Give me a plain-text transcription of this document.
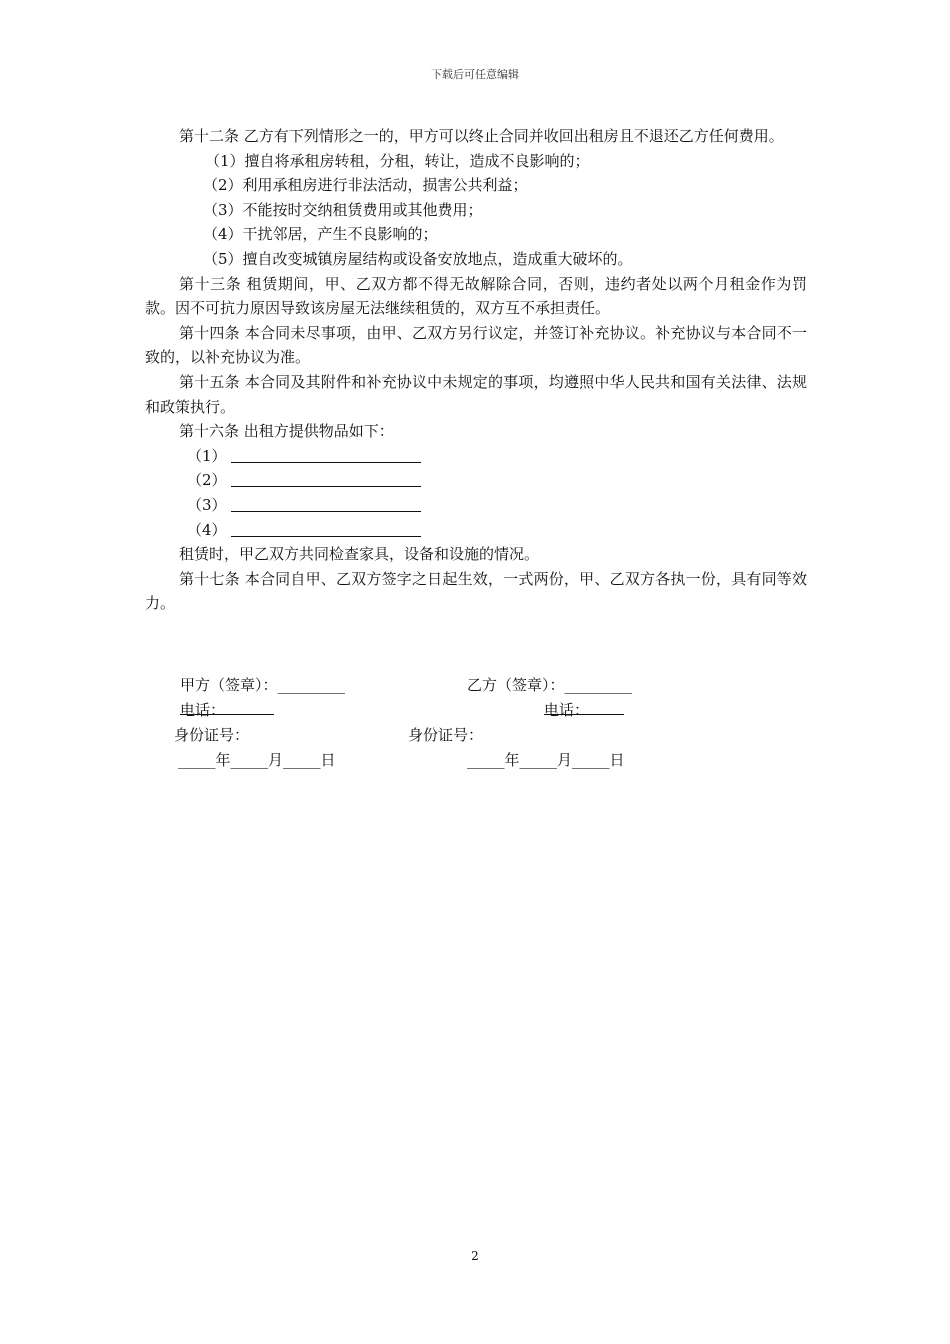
下载后可任意编辑

第十二条 乙方有下列情形之一的，甲方可以终止合同并收回出租房且不退还乙方任何费用。

（1）擅自将承租房转租，分租，转让，造成不良影响的；

（2）利用承租房进行非法活动，损害公共利益；

（3）不能按时交纳租赁费用或其他费用；

（4）干扰邻居，产生不良影响的；

（5）擅自改变城镇房屋结构或设备安放地点，造成重大破坏的。

第十三条 租赁期间，甲、乙双方都不得无故解除合同，否则，违约者处以两个月租金作为罚款。因不可抗力原因导致该房屋无法继续租赁的，双方互不承担责任。

第十四条 本合同未尽事项，由甲、乙双方另行议定，并签订补充协议。补充协议与本合同不一致的，以补充协议为准。

第十五条 本合同及其附件和补充协议中未规定的事项，均遵照中华人民共和国有关法律、法规和政策执行。

第十六条 出租方提供物品如下：

（1）

（2）

（3）

（4）

租赁时，甲乙双方共同检查家具，设备和设施的情况。

第十七条 本合同自甲、乙双方签字之日起生效，一式两份，甲、乙双方各执一份，具有同等效力。

甲方（签章）：_________	乙方（签章）：_________
电话：	电话：
身份证号：	身份证号：
_____年_____月_____日	_____年_____月_____日
2
